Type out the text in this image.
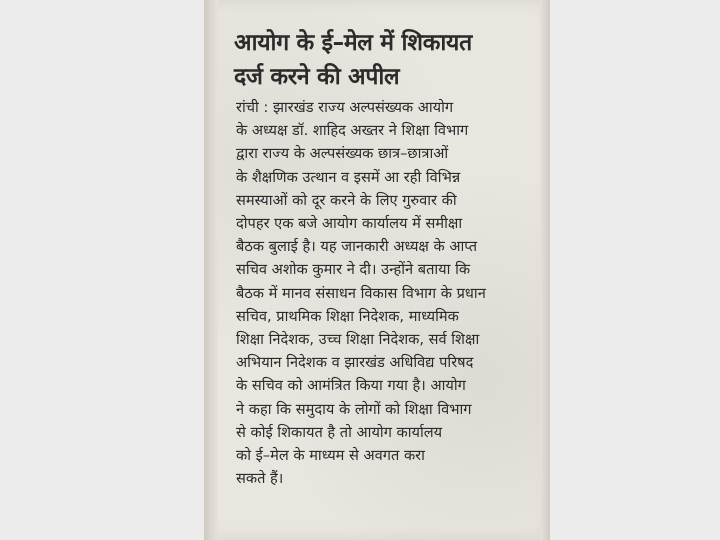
आयोग के ई–मेल में शिकायत
दर्ज करने की अपील
रांची : झारखंड राज्य अल्पसंख्यक आयोग
के अध्यक्ष डॉ. शाहिद अख्तर ने शिक्षा विभाग
द्वारा राज्य के अल्पसंख्यक छात्र–छात्राओं
के शैक्षणिक उत्थान व इसमें आ रही विभिन्न
समस्याओं को दूर करने के लिए गुरुवार की
दोपहर एक बजे आयोग कार्यालय में समीक्षा
बैठक बुलाई है। यह जानकारी अध्यक्ष के आप्त
सचिव अशोक कुमार ने दी। उन्होंने बताया कि
बैठक में मानव संसाधन विकास विभाग के प्रधान
सचिव, प्राथमिक शिक्षा निदेशक, माध्यमिक
शिक्षा निदेशक, उच्च शिक्षा निदेशक, सर्व शिक्षा
अभियान निदेशक व झारखंड अधिविद्य परिषद
के सचिव को आमंत्रित किया गया है। आयोग
ने कहा कि समुदाय के लोगों को शिक्षा विभाग
से कोई शिकायत है तो आयोग कार्यालय
को ई–मेल के माध्यम से अवगत करा
सकते हैं।
